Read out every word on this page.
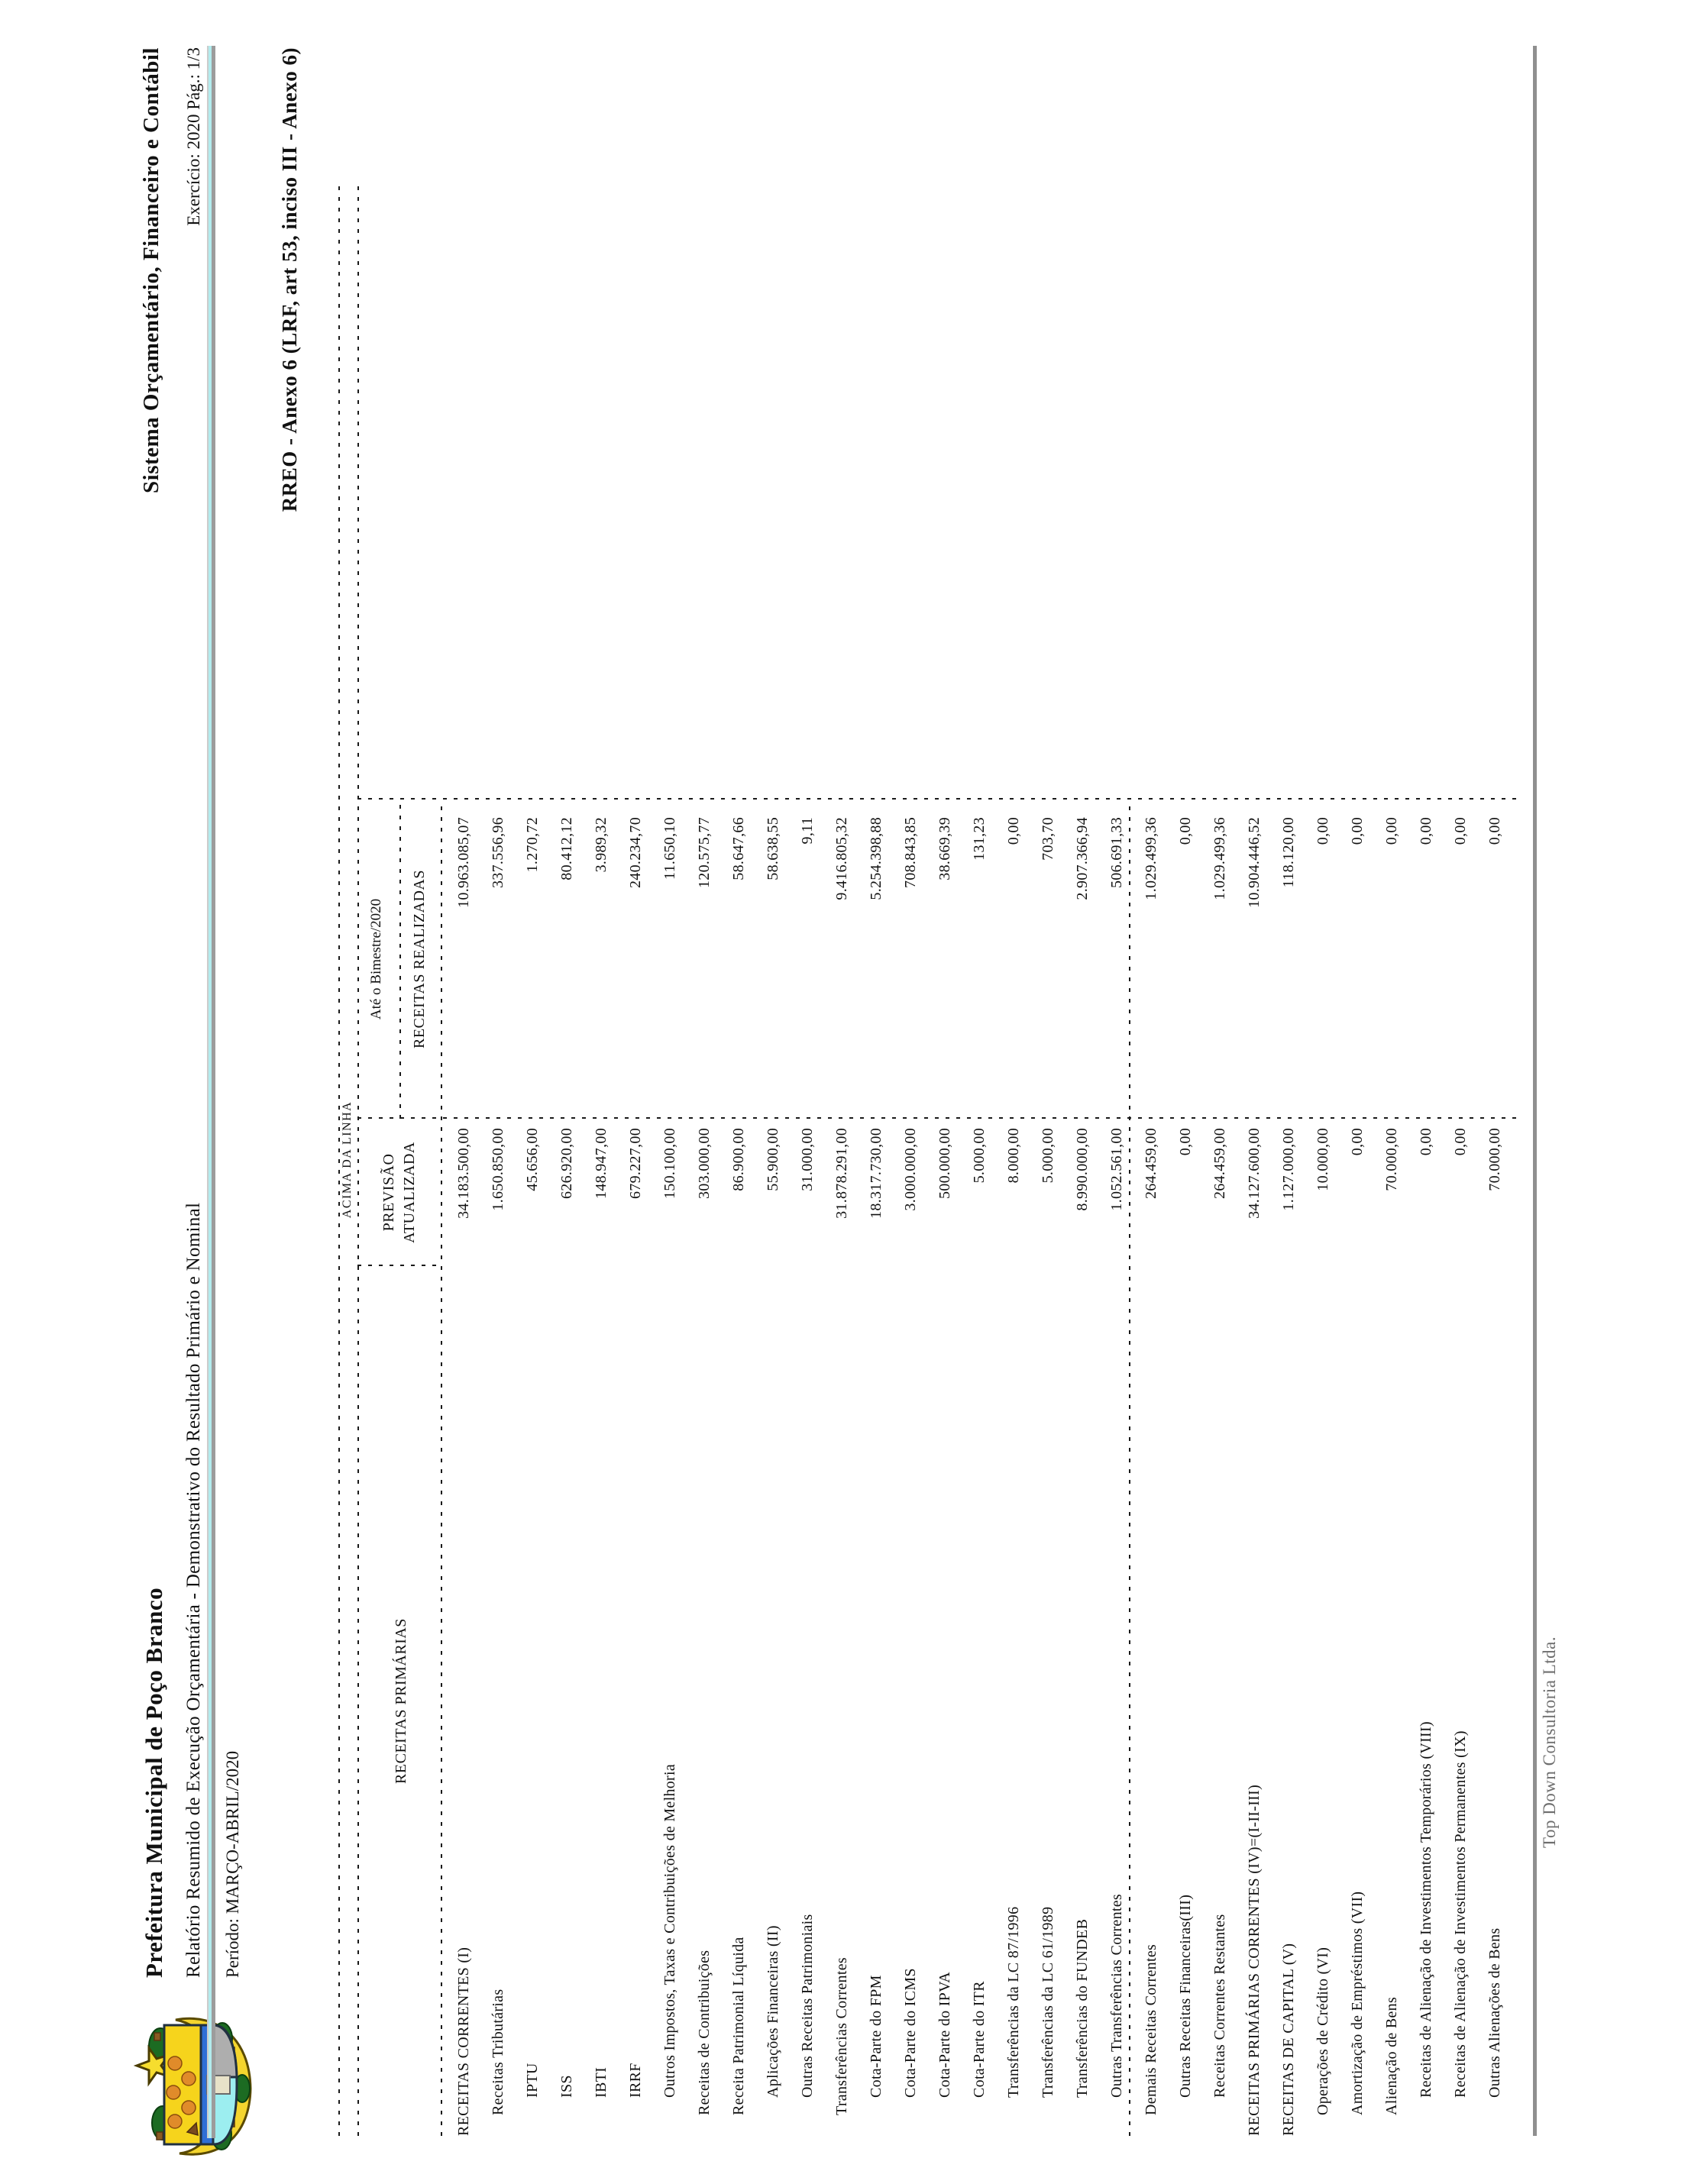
Prefeitura Municipal de Poço Branco Relatório Resumido de Execução Orçamentária - Demonstrativo do Resultado Primário e Nominal Período: MARÇO-ABRIL/2020
Sistema Orçamentário, Financeiro e Contábil Exercício: 2020 Pág.: 1/3	RREO - Anexo 6 (LRF, art 53, inciso III - Anexo 6)
ACIMA DA LINHA
RECEITAS PRIMÁRIAS
PREVISÃO ATUALIZADA
Até o Bimestre/2020 RECEITAS REALIZADAS
RECEITAS CORRENTES (I)
34.183.500,00
10.963.085,07
Receitas Tributárias
1.650.850,00
337.556,96
IPTU
45.656,00
1.270,72
ISS
626.920,00
80.412,12
IBTI
148.947,00
3.989,32
IRRF
679.227,00
240.234,70
Outros Impostos, Taxas e Contribuições de Melhoria
150.100,00
11.650,10
Receitas de Contribuições
303.000,00
120.575,77
Receita Patrimonial Líquida
86.900,00
58.647,66
Aplicações Financeiras (II)
55.900,00
58.638,55
Outras Receitas Patrimoniais
31.000,00
9,11
Transferências Correntes
31.878.291,00
9.416.805,32
Cota-Parte do FPM
18.317.730,00
5.254.398,88
Cota-Parte do ICMS
3.000.000,00
708.843,85
Cota-Parte do IPVA
500.000,00
38.669,39
Cota-Parte do ITR
5.000,00
131,23
Transferências da LC 87/1996
8.000,00
0,00
Transferências da LC 61/1989
5.000,00
703,70
Transferências do FUNDEB
8.990.000,00
2.907.366,94
Outras Transferências Correntes
1.052.561,00
506.691,33
Demais Receitas Correntes
264.459,00
1.029.499,36
Outras Receitas Financeiras(III)
0,00
0,00
Receitas Correntes Restantes
264.459,00
1.029.499,36
RECEITAS PRIMÁRIAS CORRENTES (IV)=(I-II-III)
34.127.600,00
10.904.446,52
RECEITAS DE CAPITAL (V)
1.127.000,00
118.120,00
Operações de Crédito (VI)
10.000,00
0,00
Amortização de Empréstimos (VII)
0,00
0,00
Alienação de Bens
70.000,00
0,00
Receitas de Alienação de Investimentos Temporários (VIII)
0,00
0,00
Receitas de Alienação de Investimentos Permanentes (IX)
0,00
0,00
Outras Alienações de Bens
70.000,00
0,00
Top Down Consultoria Ltda.
